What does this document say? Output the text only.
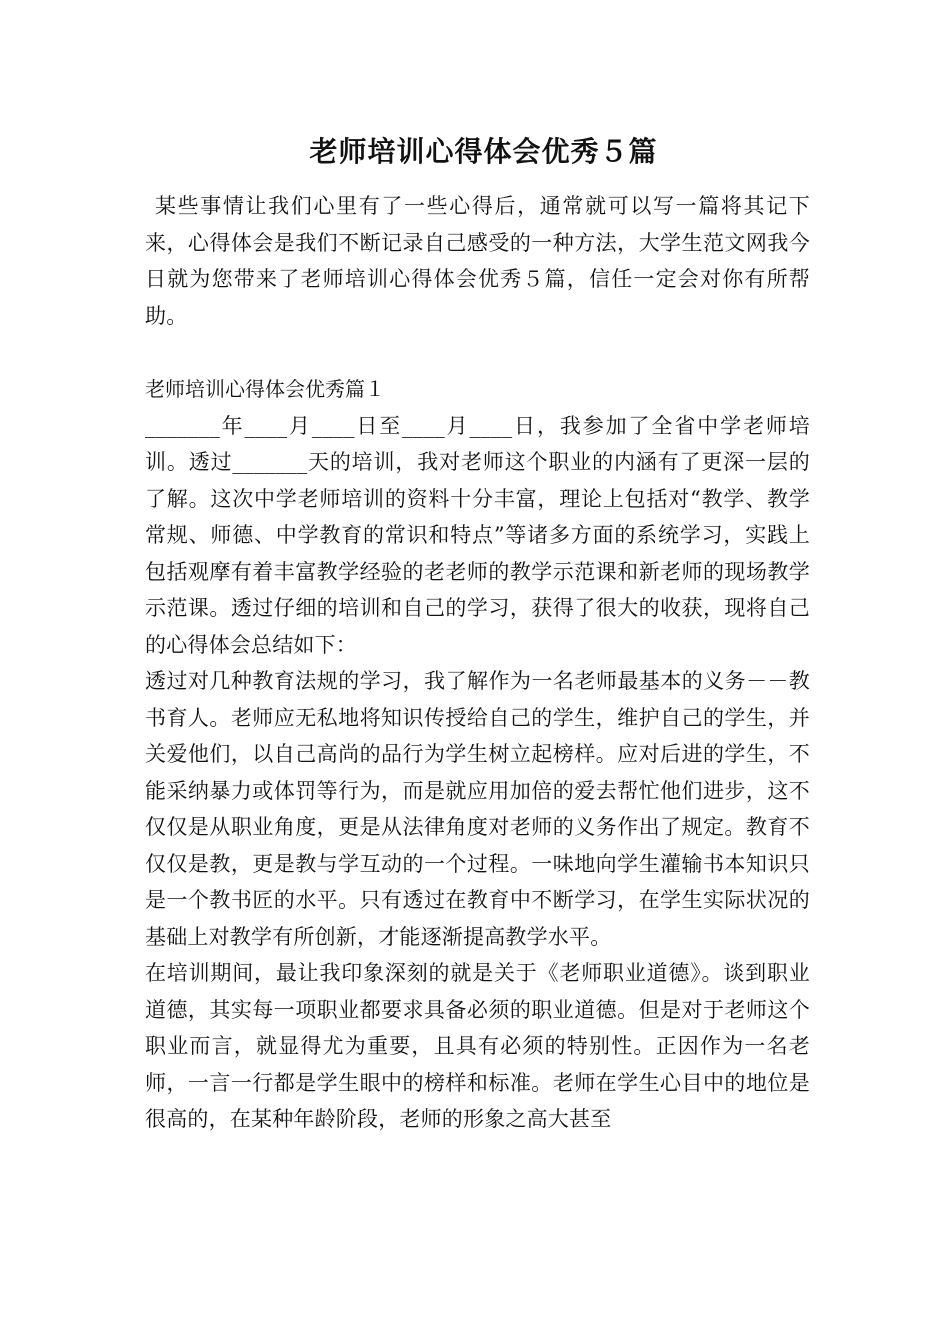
老师培训心得体会优秀５篇

某些事情让我们心里有了一些心得后，通常就可以写一篇将其记下来，心得体会是我们不断记录自己感受的一种方法，大学生范文网我今日就为您带来了老师培训心得体会优秀５篇，信任一定会对你有所帮助。

老师培训心得体会优秀篇１

_______年____月____日至____月____日，我参加了全省中学老师培训。透过_______天的培训，我对老师这个职业的内涵有了更深一层的了解。这次中学老师培训的资料十分丰富，理论上包括对“教学、教学常规、师德、中学教育的常识和特点”等诸多方面的系统学习，实践上包括观摩有着丰富教学经验的老老师的教学示范课和新老师的现场教学示范课。透过仔细的培训和自己的学习，获得了很大的收获，现将自己的心得体会总结如下：

透过对几种教育法规的学习，我了解作为一名老师最基本的义务－－教书育人。老师应无私地将知识传授给自己的学生，维护自己的学生，并关爱他们，以自己高尚的品行为学生树立起榜样。应对后进的学生，不能采纳暴力或体罚等行为，而是就应用加倍的爱去帮忙他们进步，这不仅仅是从职业角度，更是从法律角度对老师的义务作出了规定。教育不仅仅是教，更是教与学互动的一个过程。一味地向学生灌输书本知识只是一个教书匠的水平。只有透过在教育中不断学习，在学生实际状况的基础上对教学有所创新，才能逐渐提高教学水平。

在培训期间，最让我印象深刻的就是关于《老师职业道德》。谈到职业道德，其实每一项职业都要求具备必须的职业道德。但是对于老师这个职业而言，就显得尤为重要，且具有必须的特别性。正因作为一名老师，一言一行都是学生眼中的榜样和标准。老师在学生心目中的地位是很高的，在某种年龄阶段，老师的形象之高大甚至
